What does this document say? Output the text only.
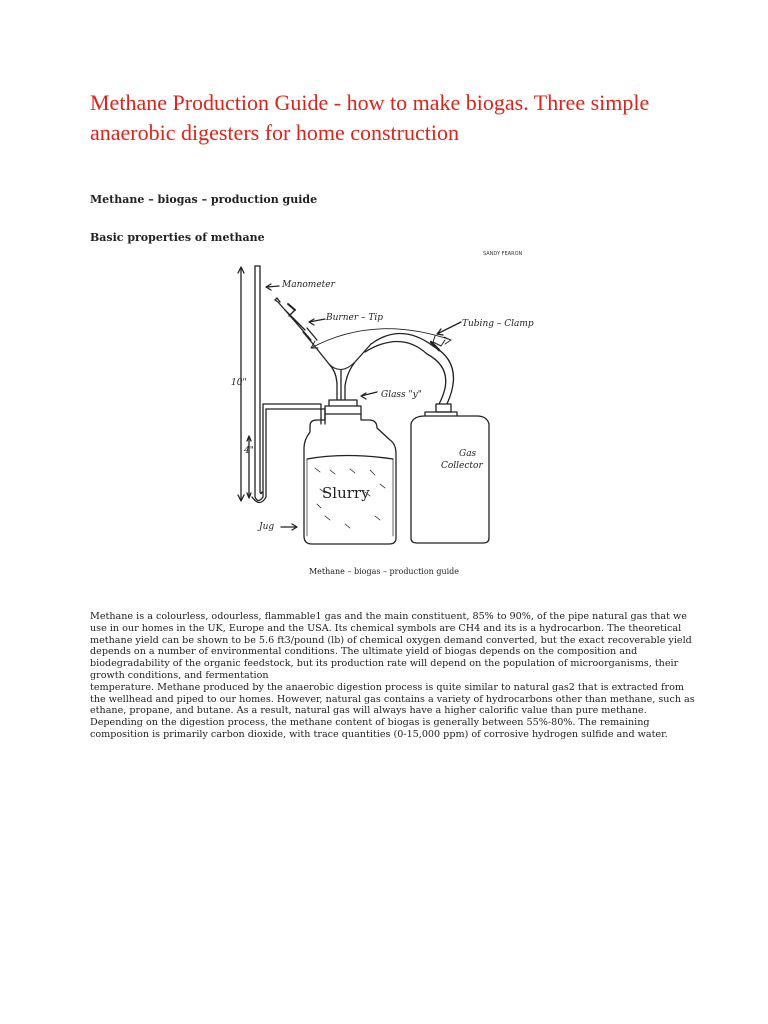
Methane Production Guide - how to make biogas. Three simple anaerobic digesters for home construction

Methane – biogas – production guide

Basic properties of methane

SANDY FEARON
10"
4"
Manometer
Slurry
Jug
Burner – Tip
Tubing – Clamp
Glass "y"
Gas
Collector
Methane – biogas – production guide

Methane is a colourless, odourless, flammable1 gas and the main constituent, 85% to 90%, of the pipe natural gas that we use in our homes in the UK, Europe and the USA. Its chemical symbols are CH4 and its is a hydrocarbon. The theoretical methane yield can be shown to be 5.6 ft3/pound (lb) of chemical oxygen demand converted, but the exact recoverable yield depends on a number of environmental conditions. The ultimate yield of biogas depends on the composition and biodegradability of the organic feedstock, but its production rate will depend on the population of microorganisms, their growth conditions, and fermentation

temperature. Methane produced by the anaerobic digestion process is quite similar to natural gas2 that is extracted from the wellhead and piped to our homes. However, natural gas contains a variety of hydrocarbons other than methane, such as ethane, propane, and butane. As a result, natural gas will always have a higher calorific value than pure methane. Depending on the digestion process, the methane content of biogas is generally between 55%-80%. The remaining composition is primarily carbon dioxide, with trace quantities (0-15,000 ppm) of corrosive hydrogen sulfide and water.
